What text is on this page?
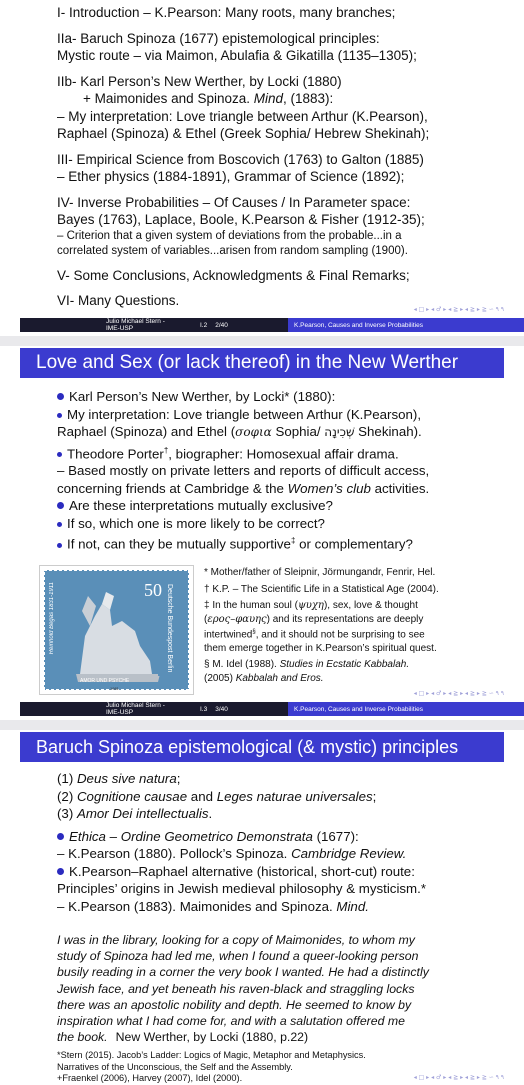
I- Introduction – K.Pearson: Many roots, many branches;
IIa- Baruch Spinoza (1677) epistemological principles:
Mystic route – via Maimon, Abulafia & Gikatilla (1135–1305);
IIb- Karl Person’s New Werther, by Locki (1880)
+ Maimonides and Spinoza. Mind, (1883):
– My interpretation: Love triangle between Arthur (K.Pearson),
Raphael (Spinoza) & Ethel (Greek Sophia/ Hebrew Shekinah);
III- Empirical Science from Boscovich (1763) to Galton (1885)
– Ether physics (1884-1891), Grammar of Science (1892);
IV- Inverse Probabilities – Of Causes / In Parameter space:
Bayes (1763), Laplace, Boole, K.Pearson & Fisher (1912-35);
– Criterion that a given system of deviations from the probable...in a
correlated system of variables...arisen from random sampling (1900).
V- Some Conclusions, Acknowledgments & Final Remarks;
VI- Many Questions.
◂ □ ▸ ◂ ♂ ▸ ◂ ≧ ▸ ◂ ≧ ▸ ≧ ∽ ۹ ۹
Julio Michael Stern - IME-USP	I.2	2/40	K.Pearson, Causes and Inverse Probabilities
Love and Sex (or lack thereof) in the New Werther
Karl Person’s New Werther, by Locki* (1880):
My interpretation: Love triangle between Arthur (K.Pearson),
Raphael (Spinoza) and Ethel (σοφια Sophia/ שְׁכִינָה Shekinah).
Theodore Porter†, biographer: Homosexual affair drama.
– Based mostly on private letters and reports of difficult access,
concerning friends at Cambridge & the Women’s club activities.
Are these interpretations mutually exclusive?
If so, which one is more likely to be correct?
If not, can they be mutually supportive‡ or complementary?
50 Deutsche Bundespost Berlin
Reinhold Begas 1831-1911
AMOR UND PSYCHE
1981
* Mother/father of Sleipnir, Jörmungandr, Fenrir, Hel.
† K.P. – The Scientific Life in a Statistical Age (2004).
‡ In the human soul (ψυχη), sex, love & thought
(ερος–φαυης) and its representations are deeply
intertwined§, and it should not be surprising to see
them emerge together in K.Pearson’s spiritual quest.
§ M. Idel (1988). Studies in Ecstatic Kabbalah.
(2005) Kabbalah and Eros.
◂ □ ▸ ◂ ♂ ▸ ◂ ≧ ▸ ◂ ≧ ▸ ≧ ∽ ۹ ۹
Julio Michael Stern - IME-USP	I.3	3/40	K.Pearson, Causes and Inverse Probabilities
Baruch Spinoza epistemological (& mystic) principles
(1) Deus sive natura;
(2) Cognitione causae and Leges naturae universales;
(3) Amor Dei intellectualis.
Ethica – Ordine Geometrico Demonstrata (1677):
– K.Pearson (1880). Pollock’s Spinoza. Cambridge Review.
K.Pearson–Raphael alternative (historical, short-cut) route:
Principles’ origins in Jewish medieval philosophy & mysticism.*
– K.Pearson (1883). Maimonides and Spinoza. Mind.
I was in the library, looking for a copy of Maimonides, to whom my
study of Spinoza had led me, when I found a queer-looking person
busily reading in a corner the very book I wanted. He had a distinctly
Jewish face, and yet beneath his raven-black and straggling locks
there was an apostolic nobility and depth. He seemed to know by
inspiration what I had come for, and with a salutation offered me
the book. New Werther, by Locki (1880, p.22)
*Stern (2015). Jacob’s Ladder: Logics of Magic, Metaphor and Metaphysics.
Narratives of the Unconscious, the Self and the Assembly.
+Fraenkel (2006), Harvey (2007), Idel (2000).	◂ □ ▸ ◂ ♂ ▸ ◂ ≧ ▸ ◂ ≧ ▸ ≧ ∽ ۹ ۹
